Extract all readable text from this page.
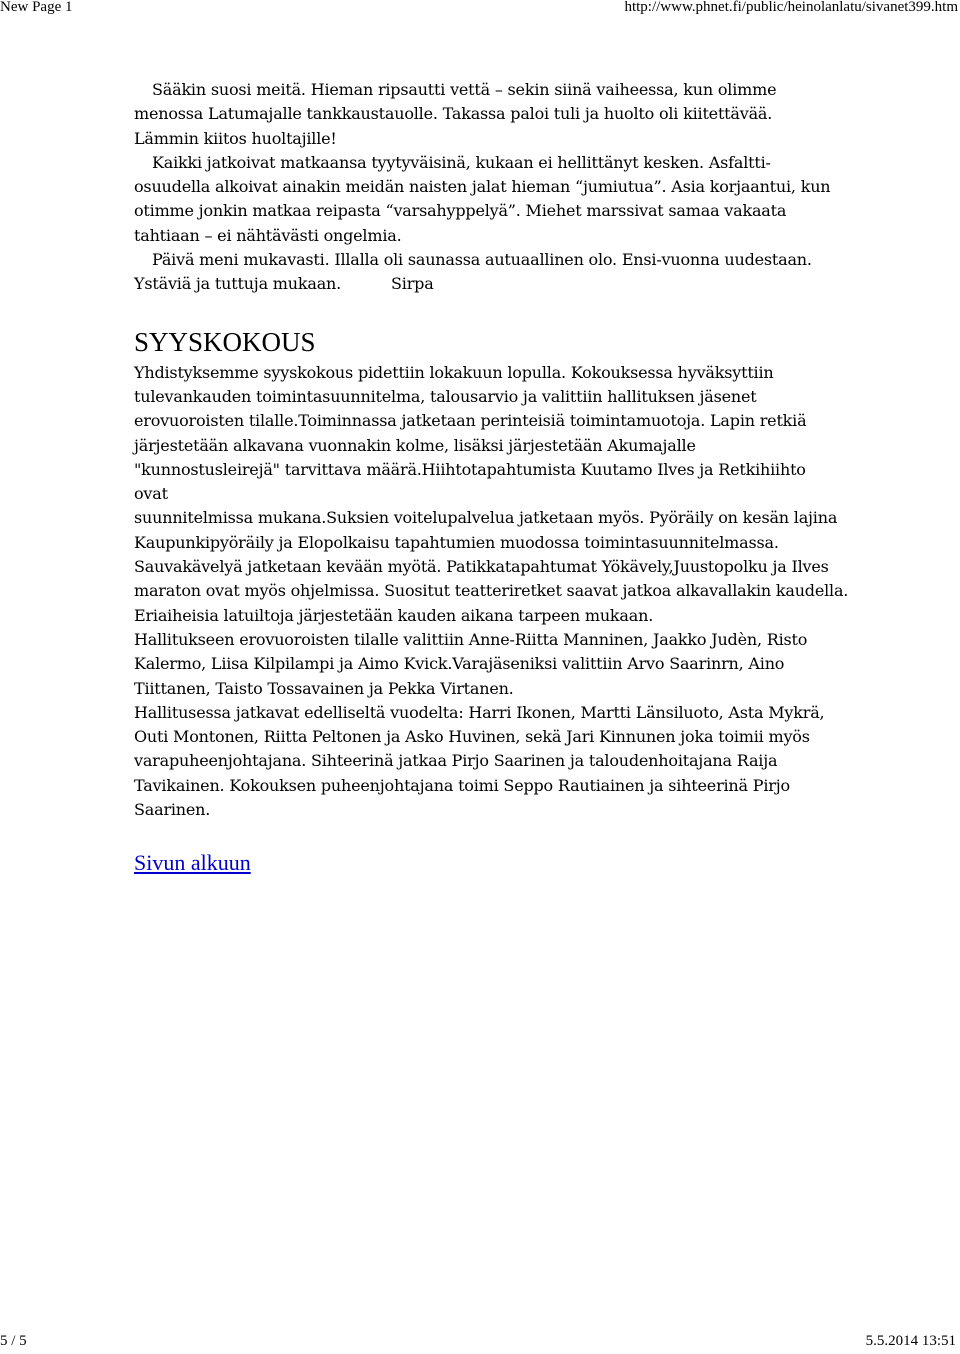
New Page 1	http://www.phnet.fi/public/heinolanlatu/sivanet399.htm
Sääkin suosi meitä. Hieman ripsautti vettä – sekin siinä vaiheessa, kun olimme
menossa Latumajalle tankkaustauolle. Takassa paloi tuli ja huolto oli kiitettävää.
Lämmin kiitos huoltajille!
Kaikki jatkoivat matkaansa tyytyväisinä, kukaan ei hellittänyt kesken. Asfaltti-
osuudella alkoivat ainakin meidän naisten jalat hieman “jumiutua”. Asia korjaantui, kun
otimme jonkin matkaa reipasta “varsahyppelyä”. Miehet marssivat samaa vakaata
tahtiaan – ei nähtävästi ongelmia.
Päivä meni mukavasti. Illalla oli saunassa autuaallinen olo. Ensi-vuonna uudestaan.
Ystäviä ja tuttuja mukaan.	Sirpa
SYYSKOKOUS
Yhdistyksemme syyskokous pidettiin lokakuun lopulla. Kokouksessa hyväksyttiin
tulevankauden toimintasuunnitelma, talousarvio ja valittiin hallituksen jäsenet
erovuoroisten tilalle.Toiminnassa jatketaan perinteisiä toimintamuotoja. Lapin retkiä
järjestetään alkavana vuonnakin kolme, lisäksi järjestetään Akumajalle
"kunnostusleirejä" tarvittava määrä.Hiihtotapahtumista Kuutamo Ilves ja Retkihiihto
ovat
suunnitelmissa mukana.Suksien voitelupalvelua jatketaan myös. Pyöräily on kesän lajina
Kaupunkipyöräily ja Elopolkaisu tapahtumien muodossa toimintasuunnitelmassa.
Sauvakävelyä jatketaan kevään myötä. Patikkatapahtumat Yökävely,Juustopolku ja Ilves
maraton ovat myös ohjelmissa. Suositut teatteriretket saavat jatkoa alkavallakin kaudella.
Eriaiheisia latuiltoja järjestetään kauden aikana tarpeen mukaan.
Hallitukseen erovuoroisten tilalle valittiin Anne-Riitta Manninen, Jaakko Judèn, Risto
Kalermo, Liisa Kilpilampi ja Aimo Kvick.Varajäseniksi valittiin Arvo Saarinrn, Aino
Tiittanen, Taisto Tossavainen ja Pekka Virtanen.
Hallitusessa jatkavat edelliseltä vuodelta: Harri Ikonen, Martti Länsiluoto, Asta Mykrä,
Outi Montonen, Riitta Peltonen ja Asko Huvinen, sekä Jari Kinnunen joka toimii myös
varapuheenjohtajana. Sihteerinä jatkaa Pirjo Saarinen ja taloudenhoitajana Raija
Tavikainen. Kokouksen puheenjohtajana toimi Seppo Rautiainen ja sihteerinä Pirjo
Saarinen.
Sivun alkuun
5 / 5	5.5.2014 13:51
